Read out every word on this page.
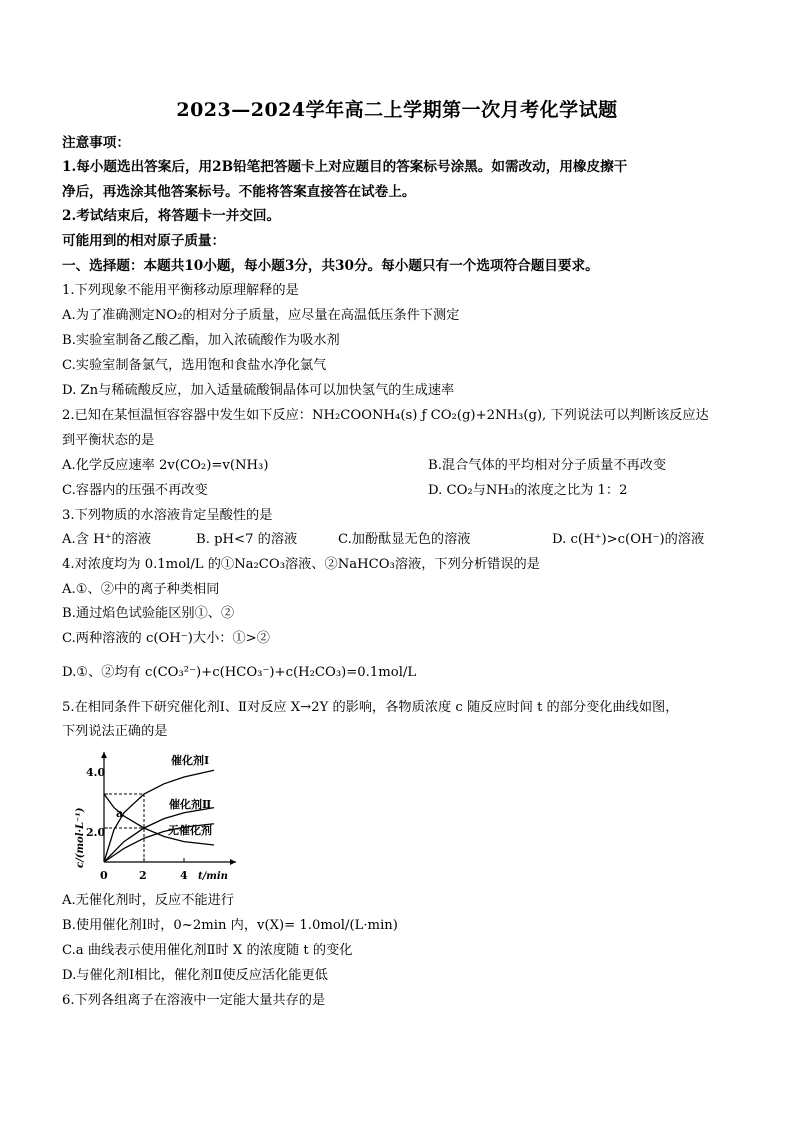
2023—2024学年高二上学期第一次月考化学试题
注意事项：
1.每小题选出答案后，用2B铅笔把答题卡上对应题目的答案标号涂黑。如需改动，用橡皮擦干
净后，再选涂其他答案标号。不能将答案直接答在试卷上。
2.考试结束后，将答题卡一并交回。
可能用到的相对原子质量：
一、选择题：本题共10小题，每小题3分，共30分。每小题只有一个选项符合题目要求。
1.下列现象不能用平衡移动原理解释的是
A.为了准确测定NO₂的相对分子质量，应尽量在高温低压条件下测定
B.实验室制备乙酸乙酯，加入浓硫酸作为吸水剂
C.实验室制备氯气，选用饱和食盐水净化氯气
D. Zn与稀硫酸反应，加入适量硫酸铜晶体可以加快氢气的生成速率
2.已知在某恒温恒容容器中发生如下反应：NH₂COONH₄(s) ƒ CO₂(g)+2NH₃(g), 下列说法可以判断该反应达
到平衡状态的是
A.化学反应速率 2v(CO₂)=v(NH₃)	B.混合气体的平均相对分子质量不再改变
C.容器内的压强不再改变	D. CO₂与NH₃的浓度之比为 1：2
3.下列物质的水溶液肯定呈酸性的是
A.含 H⁺的溶液	B. pH<7 的溶液	C.加酚酞显无色的溶液	D. c(H⁺)>c(OH⁻)的溶液
4.对浓度均为 0.1mol/L 的①Na₂CO₃溶液、②NaHCO₃溶液，下列分析错误的是
A.①、②中的离子种类相同
B.通过焰色试验能区别①、②
C.两种溶液的 c(OH⁻)大小：①>②
D.①、②均有 c(CO₃²⁻)+c(HCO₃⁻)+c(H₂CO₃)=0.1mol/L
5.在相同条件下研究催化剂Ⅰ、Ⅱ对反应 X→2Y 的影响，各物质浓度 c 随反应时间 t 的部分变化曲线如图，
下列说法正确的是
4.0
2.0
0	2	4 t/min
c/(mol·L⁻¹)
催化剂Ⅰ
催化剂Ⅱ
无催化剂
a
A.无催化剂时，反应不能进行
B.使用催化剂Ⅰ时，0~2min 内，v(X)= 1.0mol/(L·min)
C.a 曲线表示使用催化剂Ⅱ时 X 的浓度随 t 的变化
D.与催化剂Ⅰ相比，催化剂Ⅱ使反应活化能更低
6.下列各组离子在溶液中一定能大量共存的是
